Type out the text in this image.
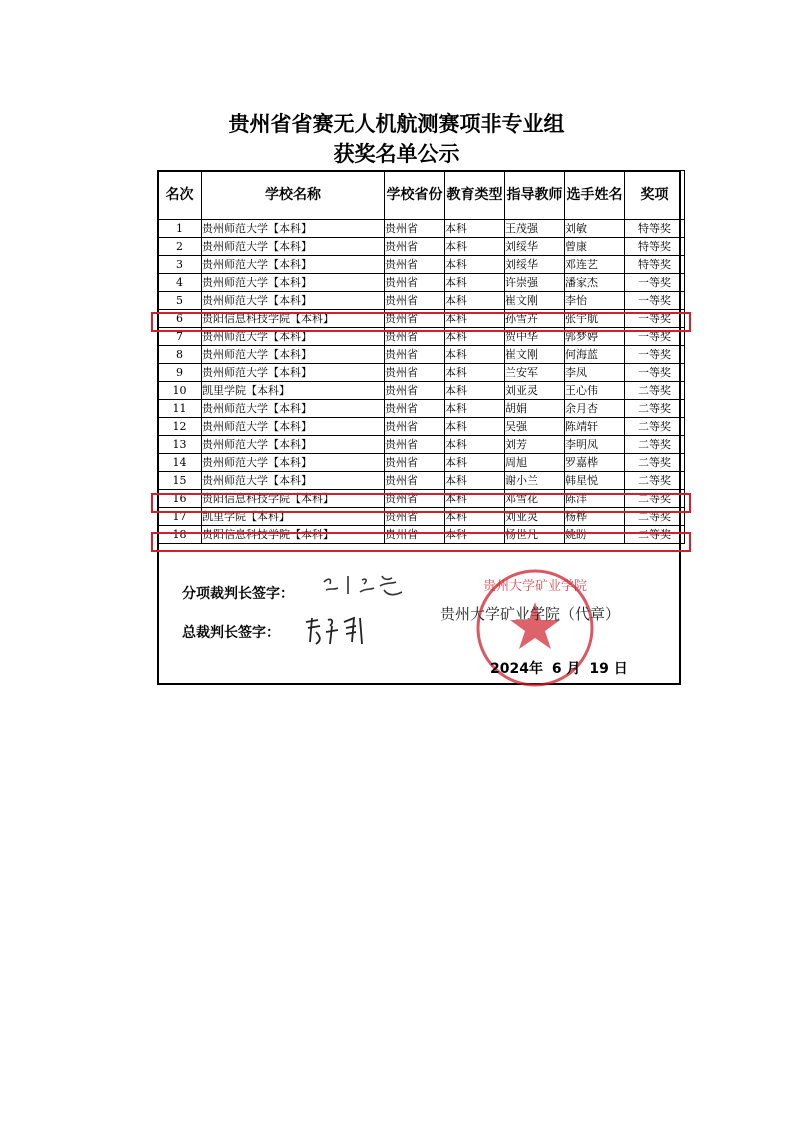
贵州省省赛无人机航测赛项非专业组
获奖名单公示
名次	学校名称	学校省份	教育类型	指导教师	选手姓名	奖项
1	贵州师范大学【本科】	贵州省	本科	王茂强	刘敏	特等奖
2	贵州师范大学【本科】	贵州省	本科	刘绥华	曾康	特等奖
3	贵州师范大学【本科】	贵州省	本科	刘绥华	邓连艺	特等奖
4	贵州师范大学【本科】	贵州省	本科	许崇强	潘家杰	一等奖
5	贵州师范大学【本科】	贵州省	本科	崔文刚	李怡	一等奖
6	贵阳信息科技学院【本科】	贵州省	本科	孙雪卉	张宇航	一等奖
7	贵州师范大学【本科】	贵州省	本科	贺中华	郭梦婷	一等奖
8	贵州师范大学【本科】	贵州省	本科	崔文刚	何海蓝	一等奖
9	贵州师范大学【本科】	贵州省	本科	兰安军	李凤	一等奖
10	凯里学院【本科】	贵州省	本科	刘亚灵	王心伟	二等奖
11	贵州师范大学【本科】	贵州省	本科	胡娟	余月杏	二等奖
12	贵州师范大学【本科】	贵州省	本科	吴强	陈靖轩	二等奖
13	贵州师范大学【本科】	贵州省	本科	刘芳	李明凤	二等奖
14	贵州师范大学【本科】	贵州省	本科	周旭	罗嘉桦	二等奖
15	贵州师范大学【本科】	贵州省	本科	谢小兰	韩星悦	二等奖
16	贵阳信息科技学院【本科】	贵州省	本科	邓雪花	陈洋	二等奖
17	凯里学院【本科】	贵州省	本科	刘亚灵	杨桦	二等奖
18	贵阳信息科技学院【本科】	贵州省	本科	杨世凡	姚盼	二等奖
分项裁判长签字：
总裁判长签字：
贵州大学矿业学院
贵州大学矿业学院（代章）
2024年 6 月 19 日
